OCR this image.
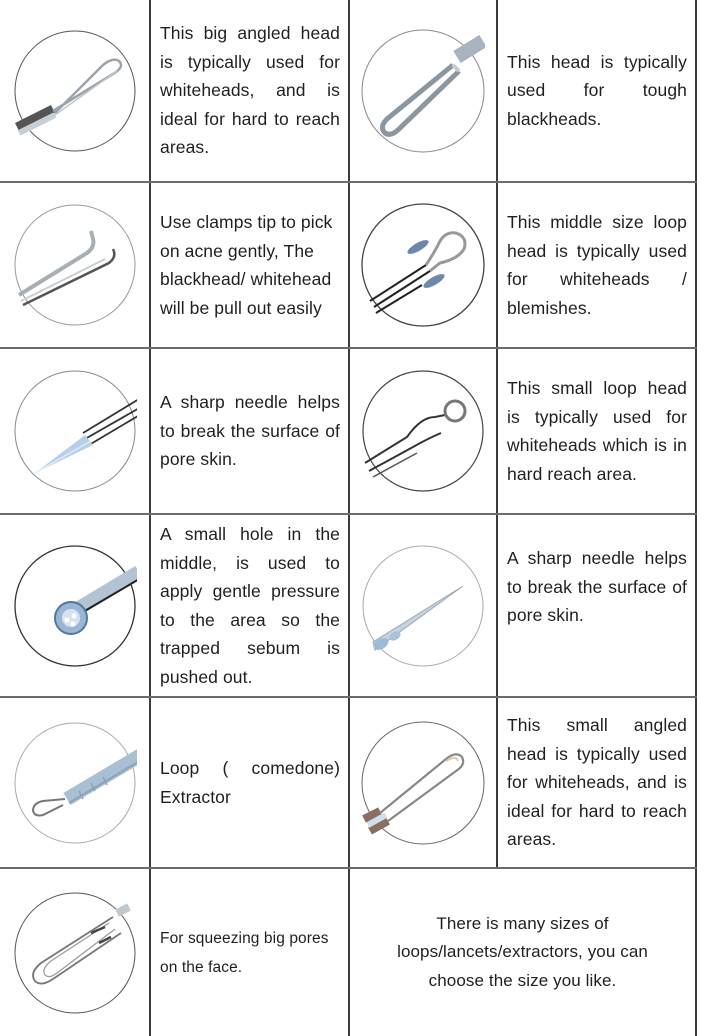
This big angled head is typically used for whiteheads, and is ideal for hard to reach areas.
This head is typically used for tough blackheads.
Use clamps tip to pick on acne gently, The blackhead/ whitehead will be pull out easily
This middle size loop head is typically used for whiteheads / blemishes.
A sharp needle helps to break the surface of pore skin.
This small loop head is typically used for whiteheads which is in hard reach area.
A small hole in the middle, is used to apply gentle pressure to the area so the trapped sebum is pushed out.
A sharp needle helps to break the surface of pore skin.
Loop ( comedone) Extractor
This small angled head is typically used for whiteheads, and is ideal for hard to reach areas.
For squeezing big pores on the face.
There is many sizes of loops/lancets/extractors, you can choose the size you like.
